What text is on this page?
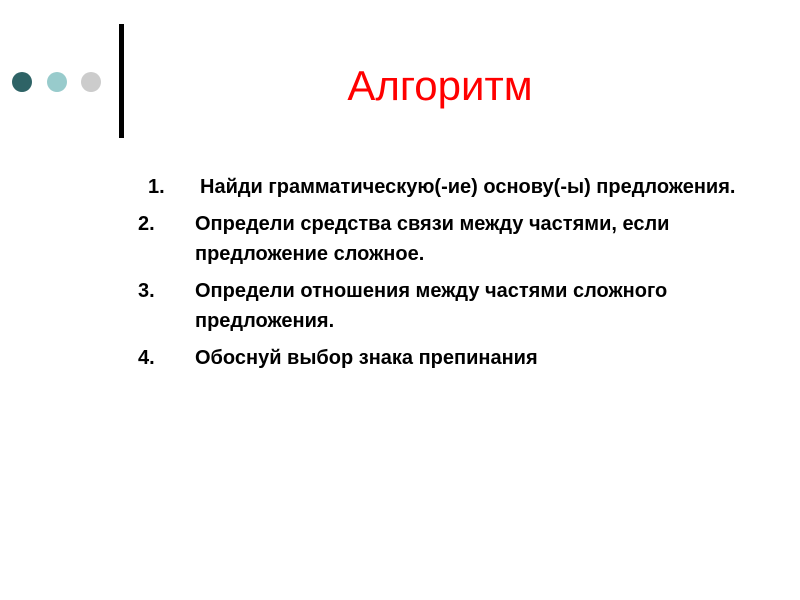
Алгоритм
1.	Найди грамматическую(-ие) основу(-ы) предложения.
2.	Определи средства связи между частями, если предложение сложное.
3.	Определи отношения между частями сложного предложения.
4.	Обоснуй выбор знака препинания
